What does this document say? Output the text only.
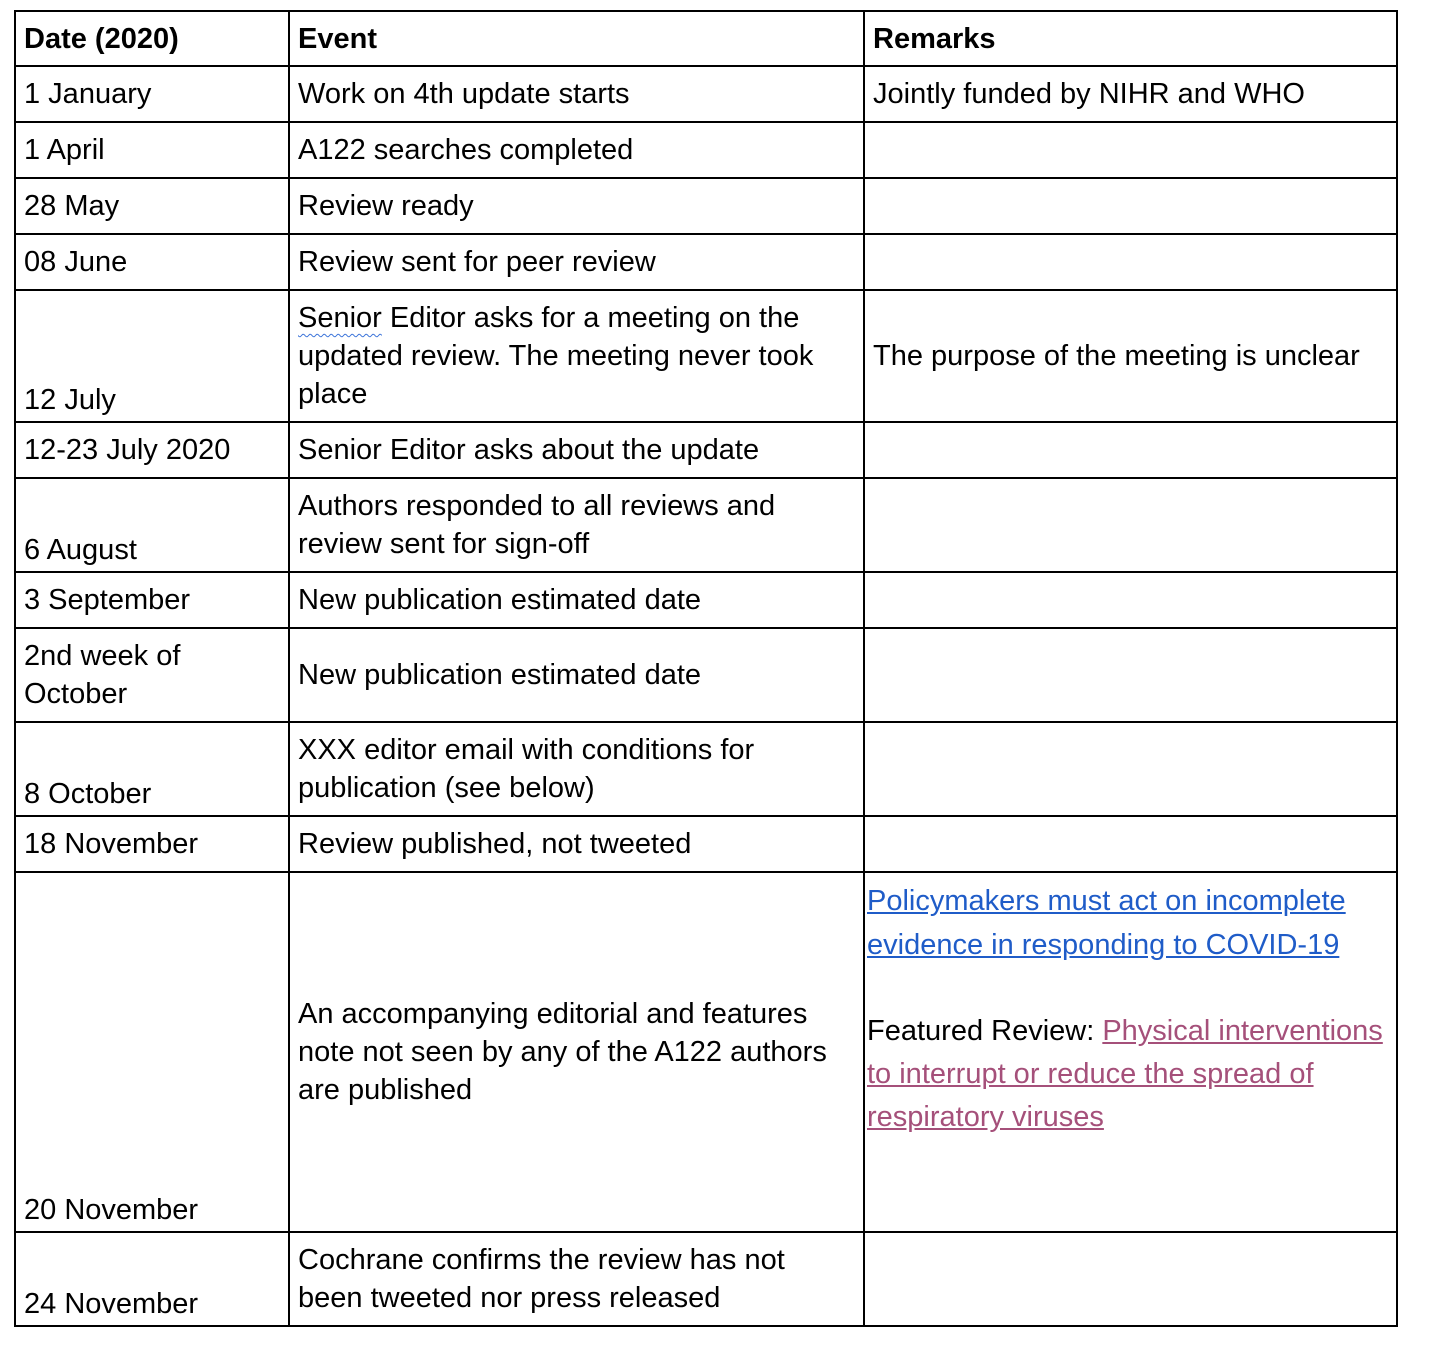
Date (2020)	Event	Remarks
1 January	Work on 4th update starts	Jointly funded by NIHR and WHO
1 April	A122 searches completed	
28 May	Review ready	
08 June	Review sent for peer review	
12 July	Senior Editor asks for a meeting on the updated review. The meeting never took place	The purpose of the meeting is unclear
12-23 July 2020	Senior Editor asks about the update	
6 August	Authors responded to all reviews and review sent for sign-off	
3 September	New publication estimated date	
2nd week of October	New publication estimated date	
8 October	XXX editor email with conditions for publication (see below)	
18 November	Review published, not tweeted	
20 November	An accompanying editorial and features note not seen by any of the A122 authors are published	Policymakers must act on incomplete evidence in responding to COVID-19
Featured Review: Physical interventions to interrupt or reduce the spread of respiratory viruses

24 November	Cochrane confirms the review has not been tweeted nor press released	
